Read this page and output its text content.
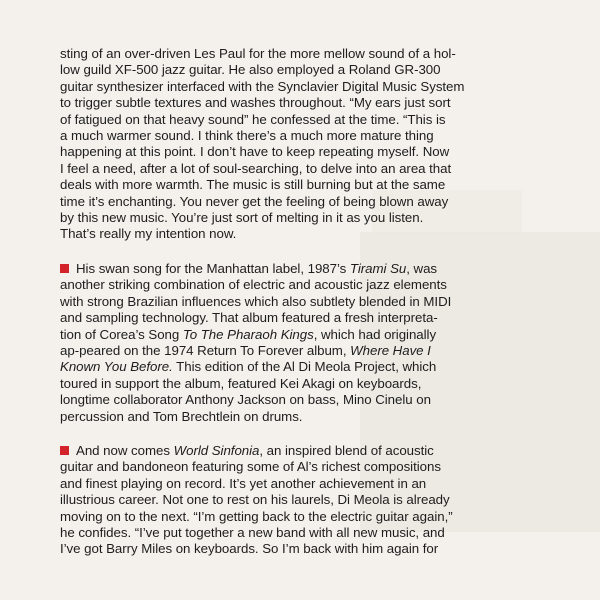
sting of an over-driven Les Paul for the more mellow sound of a hol-
low guild XF-500 jazz guitar. He also employed a Roland GR-300
guitar synthesizer interfaced with the Synclavier Digital Music System
to trigger subtle textures and washes throughout. “My ears just sort
of fatigued on that heavy sound” he confessed at the time. “This is
a much warmer sound. I think there’s a much more mature thing
happening at this point. I don’t have to keep repeating myself. Now
I feel a need, after a lot of soul-searching, to delve into an area that
deals with more warmth. The music is still burning but at the same
time it’s enchanting. You never get the feeling of being blown away
by this new music. You’re just sort of melting in it as you listen.
That’s really my intention now.
His swan song for the Manhattan label, 1987’s Tirami Su, was
another striking combination of electric and acoustic jazz elements
with strong Brazilian influences which also subtlety blended in MIDI
and sampling technology. That album featured a fresh interpreta-
tion of Corea’s Song To The Pharaoh Kings, which had originally
ap-peared on the 1974 Return To Forever album, Where Have I
Known You Before. This edition of the Al Di Meola Project, which
toured in support the album, featured Kei Akagi on keyboards,
longtime collaborator Anthony Jackson on bass, Mino Cinelu on
percussion and Tom Brechtlein on drums.
And now comes World Sinfonia, an inspired blend of acoustic
guitar and bandoneon featuring some of Al’s richest compositions
and finest playing on record. It’s yet another achievement in an
illustrious career. Not one to rest on his laurels, Di Meola is already
moving on to the next. “I’m getting back to the electric guitar again,”
he confides. “I’ve put together a new band with all new music, and
I’ve got Barry Miles on keyboards. So I’m back with him again for
